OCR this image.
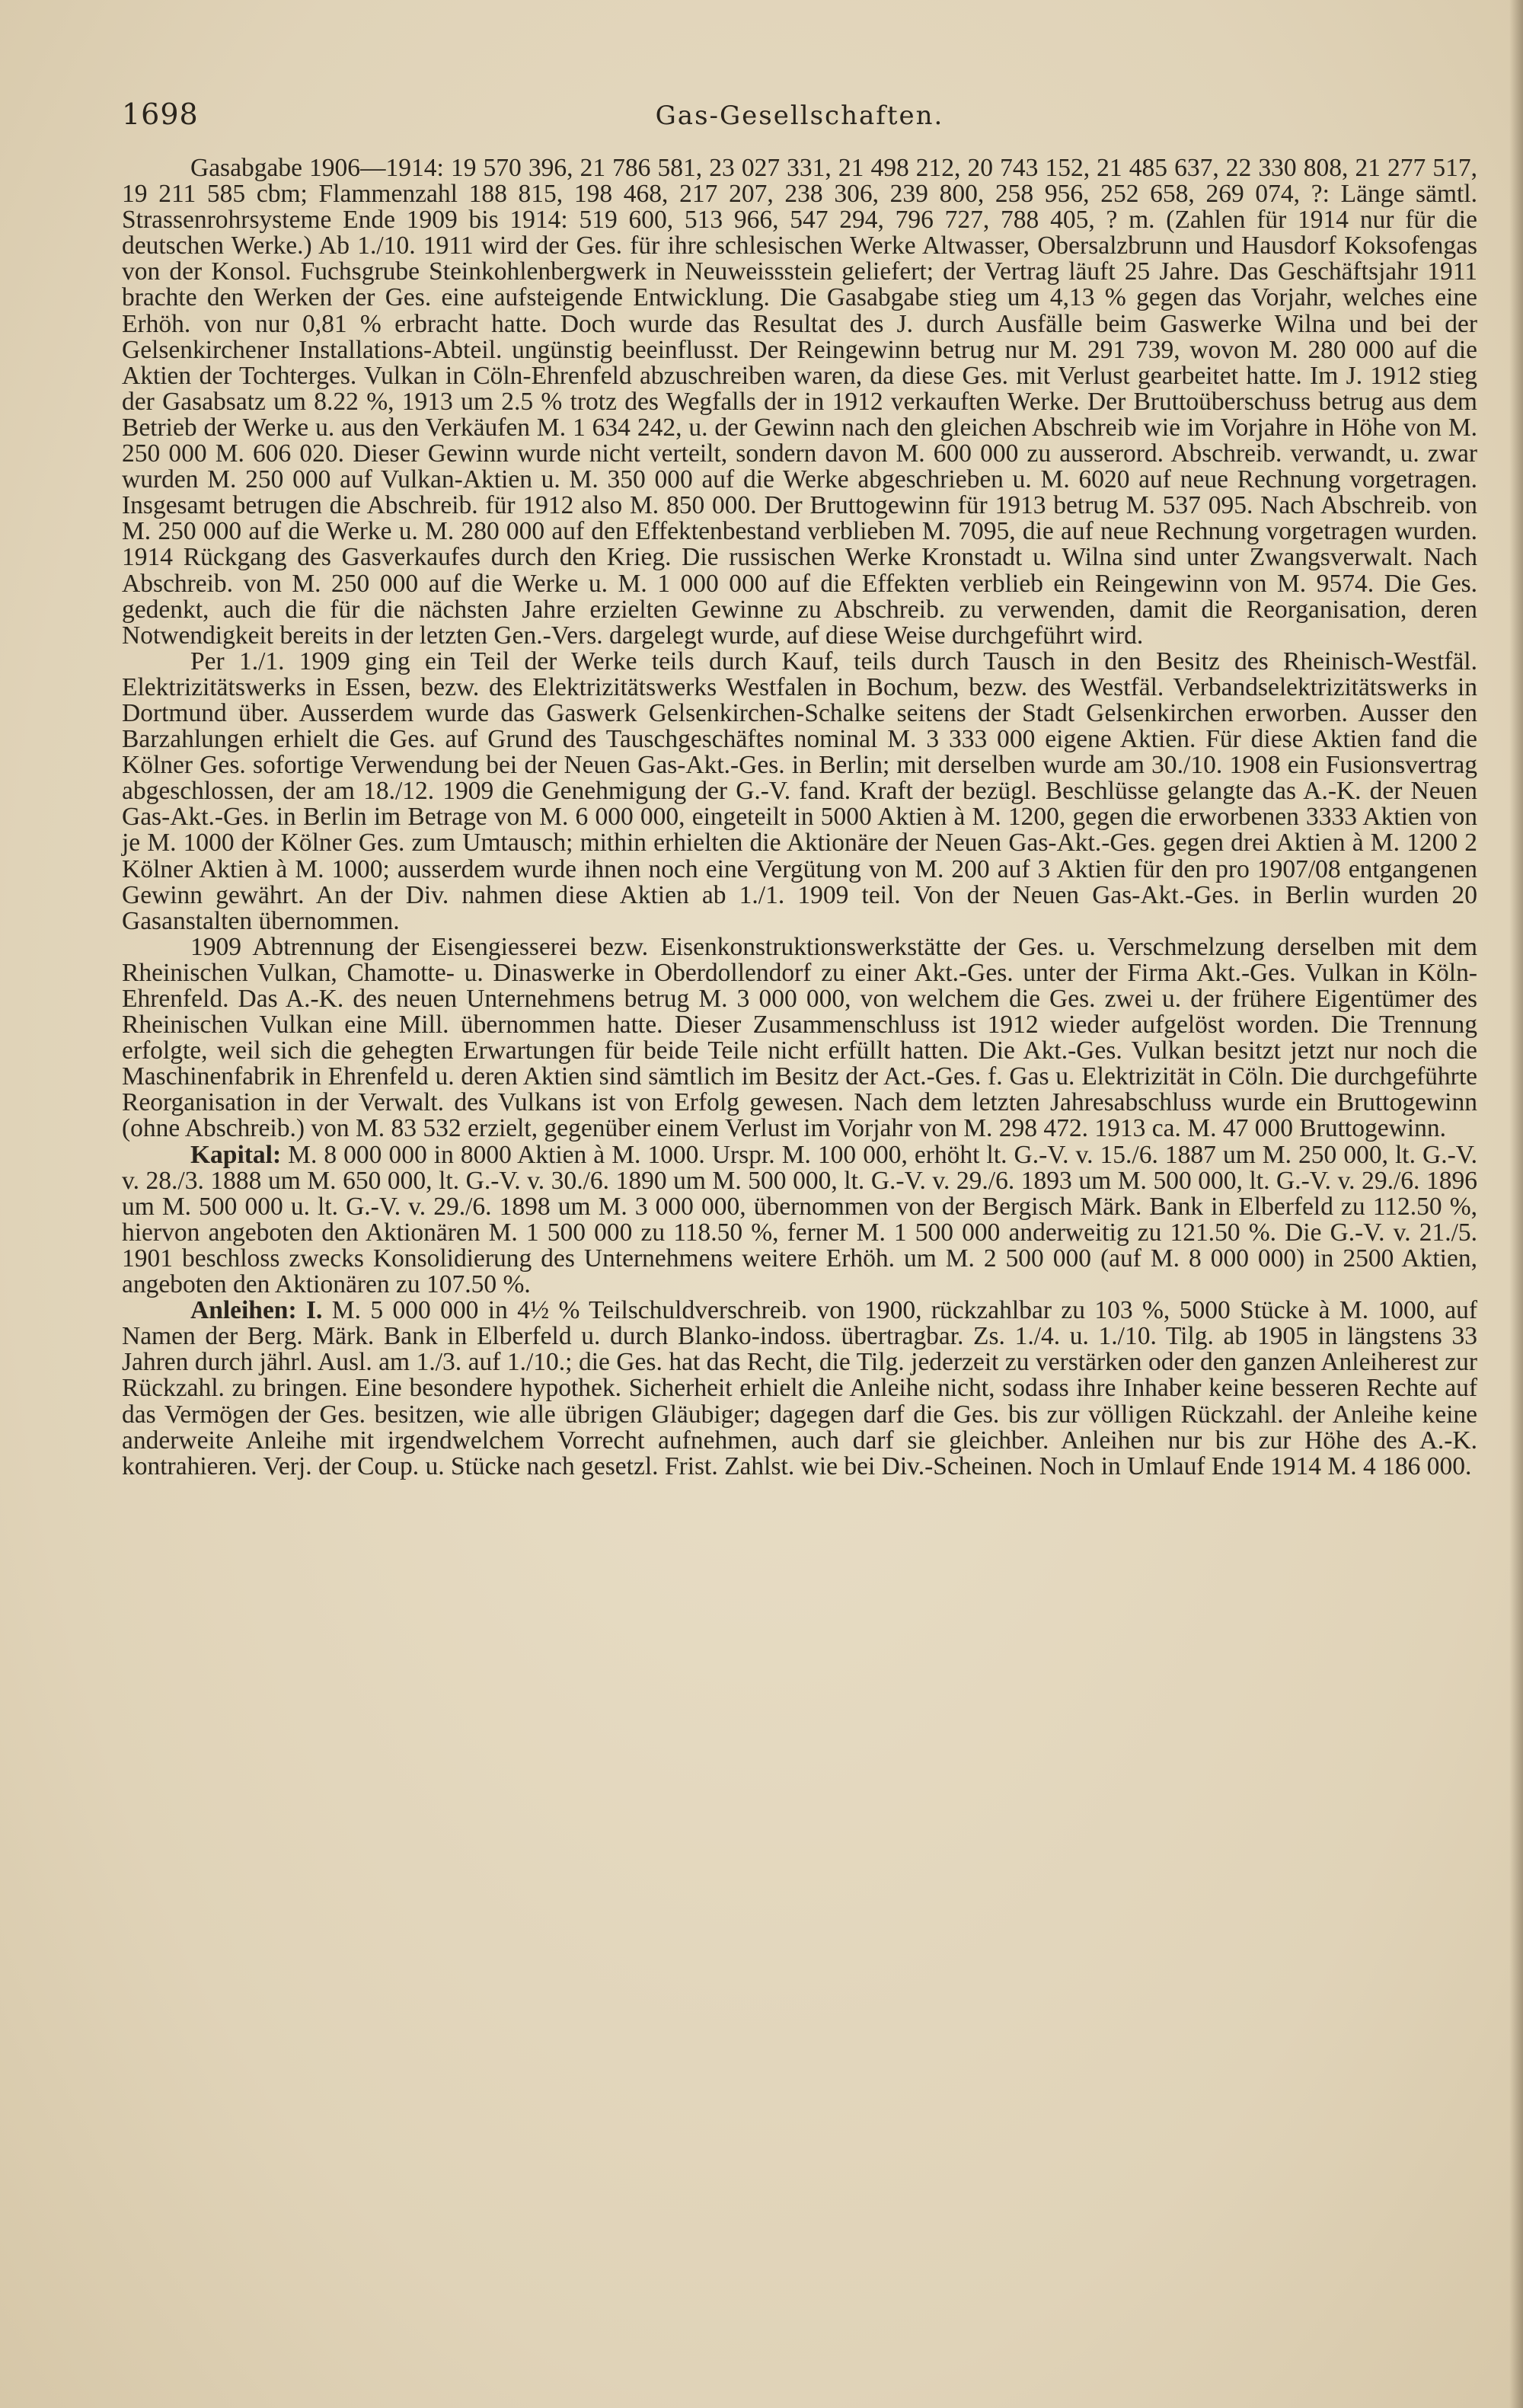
1698	Gas-Gesellschaften.

Gasabgabe 1906—1914: 19 570 396, 21 786 581, 23 027 331, 21 498 212, 20 743 152, 21 485 637, 22 330 808, 21 277 517, 19 211 585 cbm; Flammenzahl 188 815, 198 468, 217 207, 238 306, 239 800, 258 956, 252 658, 269 074, ?: Länge sämtl. Strassenrohrsysteme Ende 1909 bis 1914: 519 600, 513 966, 547 294, 796 727, 788 405, ? m. (Zahlen für 1914 nur für die deutschen Werke.) Ab 1./10. 1911 wird der Ges. für ihre schlesischen Werke Altwasser, Obersalzbrunn und Hausdorf Koksofengas von der Konsol. Fuchsgrube Steinkohlenbergwerk in Neuweissstein geliefert; der Vertrag läuft 25 Jahre. Das Geschäftsjahr 1911 brachte den Werken der Ges. eine aufsteigende Entwicklung. Die Gasabgabe stieg um 4,13 % gegen das Vorjahr, welches eine Erhöh. von nur 0,81 % erbracht hatte. Doch wurde das Resultat des J. durch Ausfälle beim Gaswerke Wilna und bei der Gelsenkirchener Installations-Abteil. ungünstig beeinflusst. Der Reingewinn betrug nur M. 291 739, wovon M. 280 000 auf die Aktien der Tochterges. Vulkan in Cöln-Ehrenfeld abzuschreiben waren, da diese Ges. mit Verlust gearbeitet hatte. Im J. 1912 stieg der Gasabsatz um 8.22 %, 1913 um 2.5 % trotz des Wegfalls der in 1912 verkauften Werke. Der Bruttoüberschuss betrug aus dem Betrieb der Werke u. aus den Verkäufen M. 1 634 242, u. der Gewinn nach den gleichen Abschreib wie im Vorjahre in Höhe von M. 250 000 M. 606 020. Dieser Gewinn wurde nicht verteilt, sondern davon M. 600 000 zu ausserord. Abschreib. verwandt, u. zwar wurden M. 250 000 auf Vulkan-Aktien u. M. 350 000 auf die Werke abgeschrieben u. M. 6020 auf neue Rechnung vorgetragen. Insgesamt betrugen die Abschreib. für 1912 also M. 850 000. Der Bruttogewinn für 1913 betrug M. 537 095. Nach Abschreib. von M. 250 000 auf die Werke u. M. 280 000 auf den Effektenbestand verblieben M. 7095, die auf neue Rechnung vorgetragen wurden. 1914 Rückgang des Gasverkaufes durch den Krieg. Die russischen Werke Kronstadt u. Wilna sind unter Zwangsverwalt. Nach Abschreib. von M. 250 000 auf die Werke u. M. 1 000 000 auf die Effekten verblieb ein Reingewinn von M. 9574. Die Ges. gedenkt, auch die für die nächsten Jahre erzielten Gewinne zu Abschreib. zu verwenden, damit die Reorganisation, deren Notwendigkeit bereits in der letzten Gen.-Vers. dargelegt wurde, auf diese Weise durchgeführt wird.

Per 1./1. 1909 ging ein Teil der Werke teils durch Kauf, teils durch Tausch in den Besitz des Rheinisch-Westfäl. Elektrizitätswerks in Essen, bezw. des Elektrizitätswerks Westfalen in Bochum, bezw. des Westfäl. Verbandselektrizitätswerks in Dortmund über. Ausserdem wurde das Gaswerk Gelsenkirchen-Schalke seitens der Stadt Gelsenkirchen erworben. Ausser den Barzahlungen erhielt die Ges. auf Grund des Tauschgeschäftes nominal M. 3 333 000 eigene Aktien. Für diese Aktien fand die Kölner Ges. sofortige Verwendung bei der Neuen Gas-Akt.-Ges. in Berlin; mit derselben wurde am 30./10. 1908 ein Fusionsvertrag abgeschlossen, der am 18./12. 1909 die Genehmigung der G.-V. fand. Kraft der bezügl. Beschlüsse gelangte das A.-K. der Neuen Gas-Akt.-Ges. in Berlin im Betrage von M. 6 000 000, eingeteilt in 5000 Aktien à M. 1200, gegen die erworbenen 3333 Aktien von je M. 1000 der Kölner Ges. zum Umtausch; mithin erhielten die Aktionäre der Neuen Gas-Akt.-Ges. gegen drei Aktien à M. 1200 2 Kölner Aktien à M. 1000; ausserdem wurde ihnen noch eine Vergütung von M. 200 auf 3 Aktien für den pro 1907/08 entgangenen Gewinn gewährt. An der Div. nahmen diese Aktien ab 1./1. 1909 teil. Von der Neuen Gas-Akt.-Ges. in Berlin wurden 20 Gasanstalten übernommen.

1909 Abtrennung der Eisengiesserei bezw. Eisenkonstruktionswerkstätte der Ges. u. Verschmelzung derselben mit dem Rheinischen Vulkan, Chamotte- u. Dinaswerke in Oberdollendorf zu einer Akt.-Ges. unter der Firma Akt.-Ges. Vulkan in Köln-Ehrenfeld. Das A.-K. des neuen Unternehmens betrug M. 3 000 000, von welchem die Ges. zwei u. der frühere Eigentümer des Rheinischen Vulkan eine Mill. übernommen hatte. Dieser Zusammenschluss ist 1912 wieder aufgelöst worden. Die Trennung erfolgte, weil sich die gehegten Erwartungen für beide Teile nicht erfüllt hatten. Die Akt.-Ges. Vulkan besitzt jetzt nur noch die Maschinenfabrik in Ehrenfeld u. deren Aktien sind sämtlich im Besitz der Act.-Ges. f. Gas u. Elektrizität in Cöln. Die durchgeführte Reorganisation in der Verwalt. des Vulkans ist von Erfolg gewesen. Nach dem letzten Jahresabschluss wurde ein Bruttogewinn (ohne Abschreib.) von M. 83 532 erzielt, gegenüber einem Verlust im Vorjahr von M. 298 472. 1913 ca. M. 47 000 Bruttogewinn.

Kapital: M. 8 000 000 in 8000 Aktien à M. 1000. Urspr. M. 100 000, erhöht lt. G.-V. v. 15./6. 1887 um M. 250 000, lt. G.-V. v. 28./3. 1888 um M. 650 000, lt. G.-V. v. 30./6. 1890 um M. 500 000, lt. G.-V. v. 29./6. 1893 um M. 500 000, lt. G.-V. v. 29./6. 1896 um M. 500 000 u. lt. G.-V. v. 29./6. 1898 um M. 3 000 000, übernommen von der Bergisch Märk. Bank in Elberfeld zu 112.50 %, hiervon angeboten den Aktionären M. 1 500 000 zu 118.50 %, ferner M. 1 500 000 anderweitig zu 121.50 %. Die G.-V. v. 21./5. 1901 beschloss zwecks Konsolidierung des Unternehmens weitere Erhöh. um M. 2 500 000 (auf M. 8 000 000) in 2500 Aktien, angeboten den Aktionären zu 107.50 %.

Anleihen: I. M. 5 000 000 in 4½ % Teilschuldverschreib. von 1900, rückzahlbar zu 103 %, 5000 Stücke à M. 1000, auf Namen der Berg. Märk. Bank in Elberfeld u. durch Blanko-indoss. übertragbar. Zs. 1./4. u. 1./10. Tilg. ab 1905 in längstens 33 Jahren durch jährl. Ausl. am 1./3. auf 1./10.; die Ges. hat das Recht, die Tilg. jederzeit zu verstärken oder den ganzen Anleiherest zur Rückzahl. zu bringen. Eine besondere hypothek. Sicherheit erhielt die Anleihe nicht, sodass ihre Inhaber keine besseren Rechte auf das Vermögen der Ges. besitzen, wie alle übrigen Gläubiger; dagegen darf die Ges. bis zur völligen Rückzahl. der Anleihe keine anderweite Anleihe mit irgendwelchem Vorrecht aufnehmen, auch darf sie gleichber. Anleihen nur bis zur Höhe des A.-K. kontrahieren. Verj. der Coup. u. Stücke nach gesetzl. Frist. Zahlst. wie bei Div.-Scheinen. Noch in Umlauf Ende 1914 M. 4 186 000.
